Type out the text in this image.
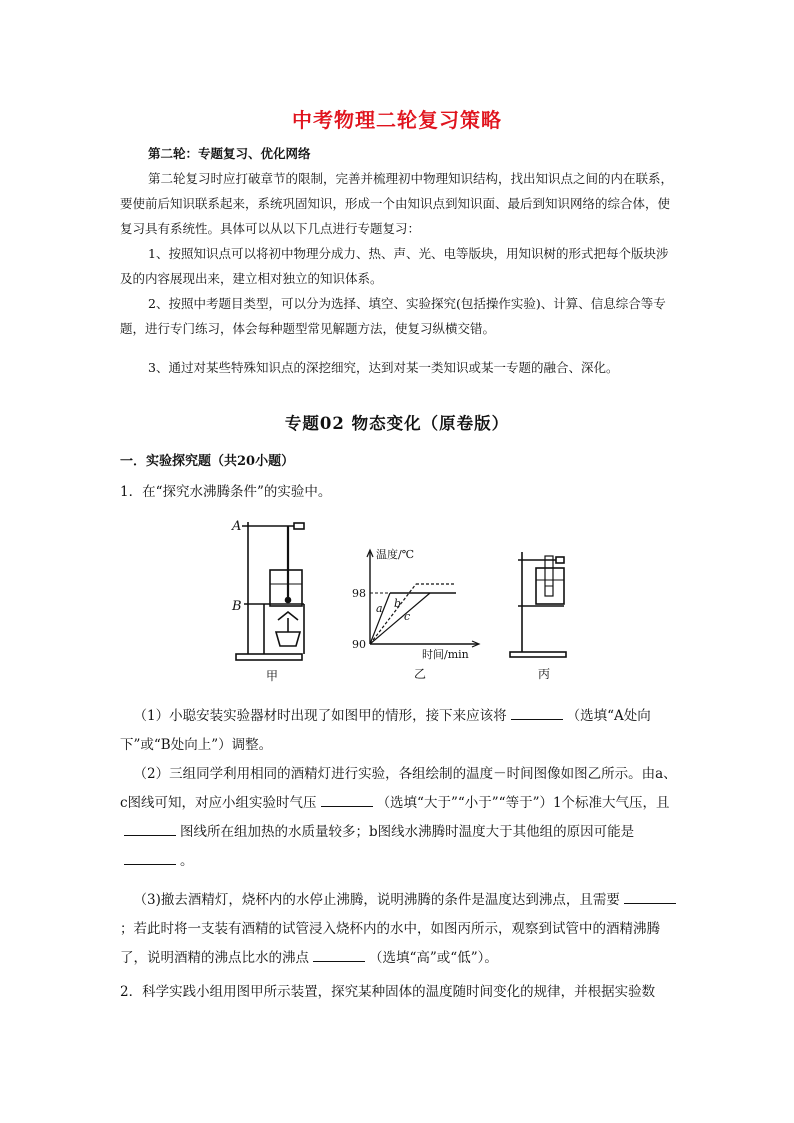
中考物理二轮复习策略
第二轮：专题复习、优化网络

第二轮复习时应打破章节的限制，完善并梳理初中物理知识结构，找出知识点之间的内在联系，要使前后知识联系起来，系统巩固知识，形成一个由知识点到知识面、最后到知识网络的综合体，使复习具有系统性。具体可以从以下几点进行专题复习：

1、按照知识点可以将初中物理分成力、热、声、光、电等版块，用知识树的形式把每个版块涉及的内容展现出来，建立相对独立的知识体系。

2、按照中考题目类型，可以分为选择、填空、实验探究(包括操作实验)、计算、信息综合等专题，进行专门练习，体会每种题型常见解题方法，使复习纵横交错。

3、通过对某些特殊知识点的深挖细究，达到对某一类知识或某一专题的融合、深化。

专题02 物态变化（原卷版）
一．实验探究题（共20小题）
1．在“探究水沸腾条件”的实验中。
A
B
甲
温度/℃
98
90
a b
c
时间/min
乙	丙

 （1）小聪安装实验器材时出现了如图甲的情形，接下来应该将	（选填“A处向下”或“B处向上”）调整。

 （2）三组同学利用相同的酒精灯进行实验，各组绘制的温度－时间图像如图乙所示。由a、c图线可知，对应小组实验时气压	（选填“大于”“小于”“等于”）1个标准大气压，且图线所在组加热的水质量较多；b图线水沸腾时温度大于其他组的原因可能是。

 （3)撤去酒精灯，烧杯内的水停止沸腾，说明沸腾的条件是温度达到沸点，且需要；若此时将一支装有酒精的试管浸入烧杯内的水中，如图丙所示，观察到试管中的酒精沸腾了，说明酒精的沸点比水的沸点	（选填“高”或“低”）。

2．科学实践小组用图甲所示装置，探究某种固体的温度随时间变化的规律，并根据实验数
